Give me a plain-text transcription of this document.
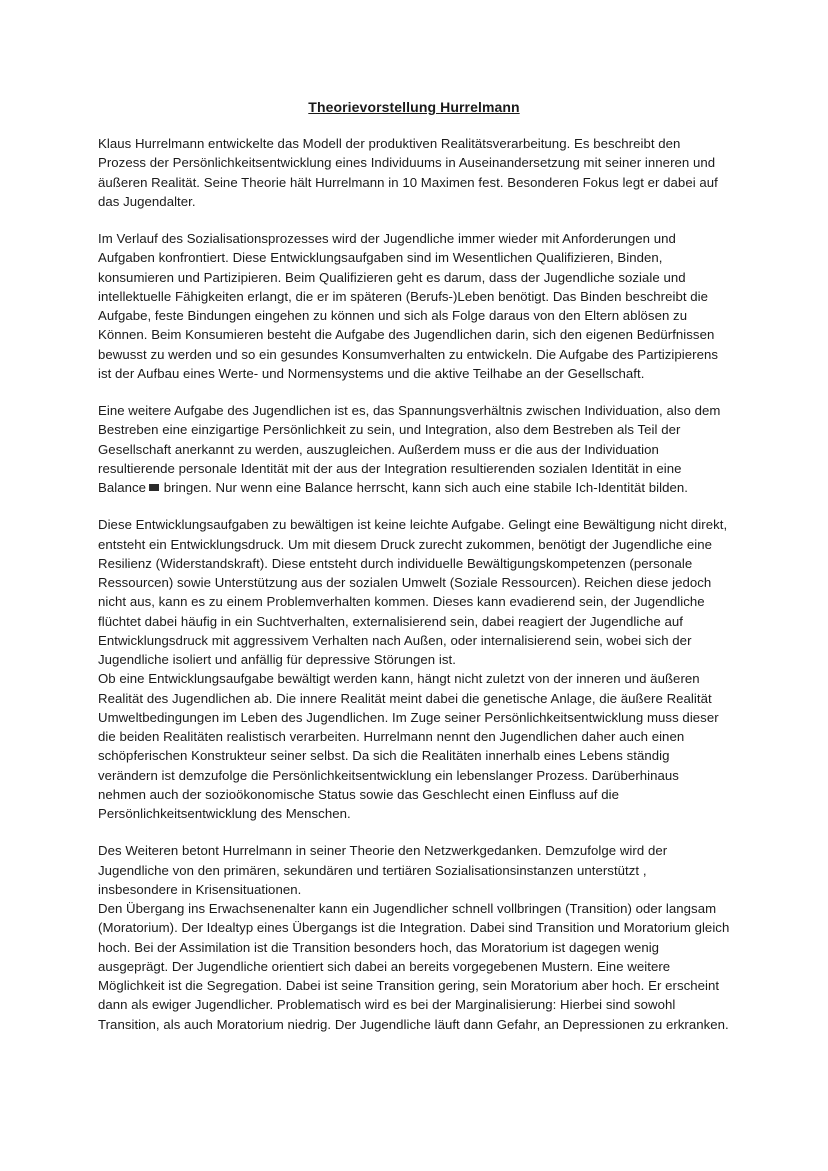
Theorievorstellung Hurrelmann

Klaus Hurrelmann entwickelte das Modell der produktiven Realitätsverarbeitung. Es beschreibt den Prozess der Persönlichkeitsentwicklung eines Individuums in Auseinandersetzung mit seiner inneren und äußeren Realität. Seine Theorie hält Hurrelmann in 10 Maximen fest. Besonderen Fokus legt er dabei auf das Jugendalter.

Im Verlauf des Sozialisationsprozesses wird der Jugendliche immer wieder mit Anforderungen und Aufgaben konfrontiert. Diese Entwicklungsaufgaben sind im Wesentlichen Qualifizieren, Binden, konsumieren und Partizipieren. Beim Qualifizieren geht es darum, dass der Jugendliche soziale und intellektuelle Fähigkeiten erlangt, die er im späteren (Berufs-)Leben benötigt. Das Binden beschreibt die Aufgabe, feste Bindungen eingehen zu können und sich als Folge daraus von den Eltern ablösen zu Können. Beim Konsumieren besteht die Aufgabe des Jugendlichen darin, sich den eigenen Bedürfnissen bewusst zu werden und so ein gesundes Konsumverhalten zu entwickeln. Die Aufgabe des Partizipierens ist der Aufbau eines Werte- und Normensystems und die aktive Teilhabe an der Gesellschaft.

Eine weitere Aufgabe des Jugendlichen ist es, das Spannungsverhältnis zwischen Individuation, also dem Bestreben eine einzigartige Persönlichkeit zu sein, und Integration, also dem Bestreben als Teil der Gesellschaft anerkannt zu werden, auszugleichen. Außerdem muss er die aus der Individuation resultierende personale Identität mit der aus der Integration resultierenden sozialen Identität in eine Balance bringen. Nur wenn eine Balance herrscht, kann sich auch eine stabile Ich-Identität bilden.

Diese Entwicklungsaufgaben zu bewältigen ist keine leichte Aufgabe. Gelingt eine Bewältigung nicht direkt, entsteht ein Entwicklungsdruck. Um mit diesem Druck zurecht zukommen, benötigt der Jugendliche eine Resilienz (Widerstandskraft). Diese entsteht durch individuelle Bewältigungskompetenzen (personale Ressourcen) sowie Unterstützung aus der sozialen Umwelt (Soziale Ressourcen). Reichen diese jedoch nicht aus, kann es zu einem Problemverhalten kommen. Dieses kann evadierend sein, der Jugendliche flüchtet dabei häufig in ein Suchtverhalten, externalisierend sein, dabei reagiert der Jugendliche auf Entwicklungsdruck mit aggressivem Verhalten nach Außen, oder internalisierend sein, wobei sich der Jugendliche isoliert und anfällig für depressive Störungen ist.

Ob eine Entwicklungsaufgabe bewältigt werden kann, hängt nicht zuletzt von der inneren und äußeren Realität des Jugendlichen ab. Die innere Realität meint dabei die genetische Anlage, die äußere Realität Umweltbedingungen im Leben des Jugendlichen. Im Zuge seiner Persönlichkeitsentwicklung muss dieser die beiden Realitäten realistisch verarbeiten. Hurrelmann nennt den Jugendlichen daher auch einen schöpferischen Konstrukteur seiner selbst. Da sich die Realitäten innerhalb eines Lebens ständig verändern ist demzufolge die Persönlichkeitsentwicklung ein lebenslanger Prozess. Darüberhinaus nehmen auch der sozioökonomische Status sowie das Geschlecht einen Einfluss auf die Persönlichkeitsentwicklung des Menschen.

Des Weiteren betont Hurrelmann in seiner Theorie den Netzwerkgedanken. Demzufolge wird der Jugendliche von den primären, sekundären und tertiären Sozialisationsinstanzen unterstützt , insbesondere in Krisensituationen.

Den Übergang ins Erwachsenenalter kann ein Jugendlicher schnell vollbringen (Transition) oder langsam (Moratorium). Der Idealtyp eines Übergangs ist die Integration. Dabei sind Transition und Moratorium gleich hoch. Bei der Assimilation ist die Transition besonders hoch, das Moratorium ist dagegen wenig ausgeprägt. Der Jugendliche orientiert sich dabei an bereits vorgegebenen Mustern. Eine weitere Möglichkeit ist die Segregation. Dabei ist seine Transition gering, sein Moratorium aber hoch. Er erscheint dann als ewiger Jugendlicher. Problematisch wird es bei der Marginalisierung: Hierbei sind sowohl Transition, als auch Moratorium niedrig. Der Jugendliche läuft dann Gefahr, an Depressionen zu erkranken.
